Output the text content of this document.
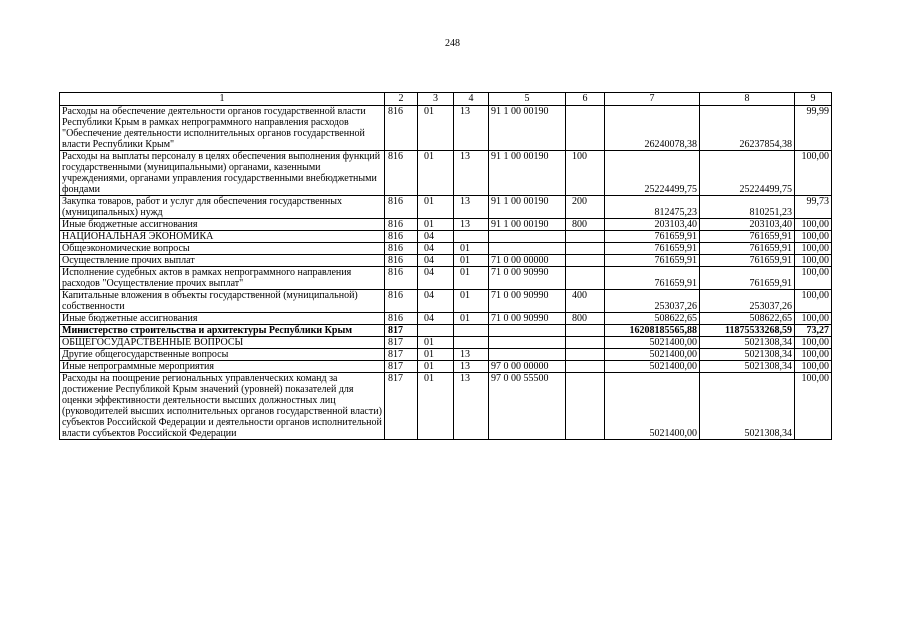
248
1	2	3	4	5	6	7	8	9
Расходы на обеспечение деятельности органов государственной власти Республики Крым в рамках непрограммного направления расходов "Обеспечение деятельности исполнительных органов государственной власти Республики Крым"	816	01	13	91 1 00 00190		26240078,38	26237854,38	99,99
Расходы на выплаты персоналу в целях обеспечения выполнения функций государственными (муниципальными) органами, казенными учреждениями, органами управления государственными внебюджетными фондами	816	01	13	91 1 00 00190	100	25224499,75	25224499,75	100,00
Закупка товаров, работ и услуг для обеспечения государственных (муниципальных) нужд	816	01	13	91 1 00 00190	200	812475,23	810251,23	99,73
Иные бюджетные ассигнования	816	01	13	91 1 00 00190	800	203103,40	203103,40	100,00
НАЦИОНАЛЬНАЯ ЭКОНОМИКА	816	04				761659,91	761659,91	100,00
Общеэкономические вопросы	816	04	01			761659,91	761659,91	100,00
Осуществление прочих выплат	816	04	01	71 0 00 00000		761659,91	761659,91	100,00
Исполнение судебных актов в рамках непрограммного направления расходов "Осуществление прочих выплат"	816	04	01	71 0 00 90990		761659,91	761659,91	100,00
Капитальные вложения в объекты государственной (муниципальной) собственности	816	04	01	71 0 00 90990	400	253037,26	253037,26	100,00
Иные бюджетные ассигнования	816	04	01	71 0 00 90990	800	508622,65	508622,65	100,00
Министерство строительства и архитектуры Республики Крым	817					16208185565,88	11875533268,59	73,27
ОБЩЕГОСУДАРСТВЕННЫЕ ВОПРОСЫ	817	01				5021400,00	5021308,34	100,00
Другие общегосударственные вопросы	817	01	13			5021400,00	5021308,34	100,00
Иные непрограммные мероприятия	817	01	13	97 0 00 00000		5021400,00	5021308,34	100,00
Расходы на поощрение региональных управленческих команд за достижение Республикой Крым значений (уровней) показателей для оценки эффективности деятельности высших должностных лиц (руководителей высших исполнительных органов государственной власти) субъектов Российской Федерации и деятельности органов исполнительной власти субъектов Российской Федерации	817	01	13	97 0 00 55500		5021400,00	5021308,34	100,00
